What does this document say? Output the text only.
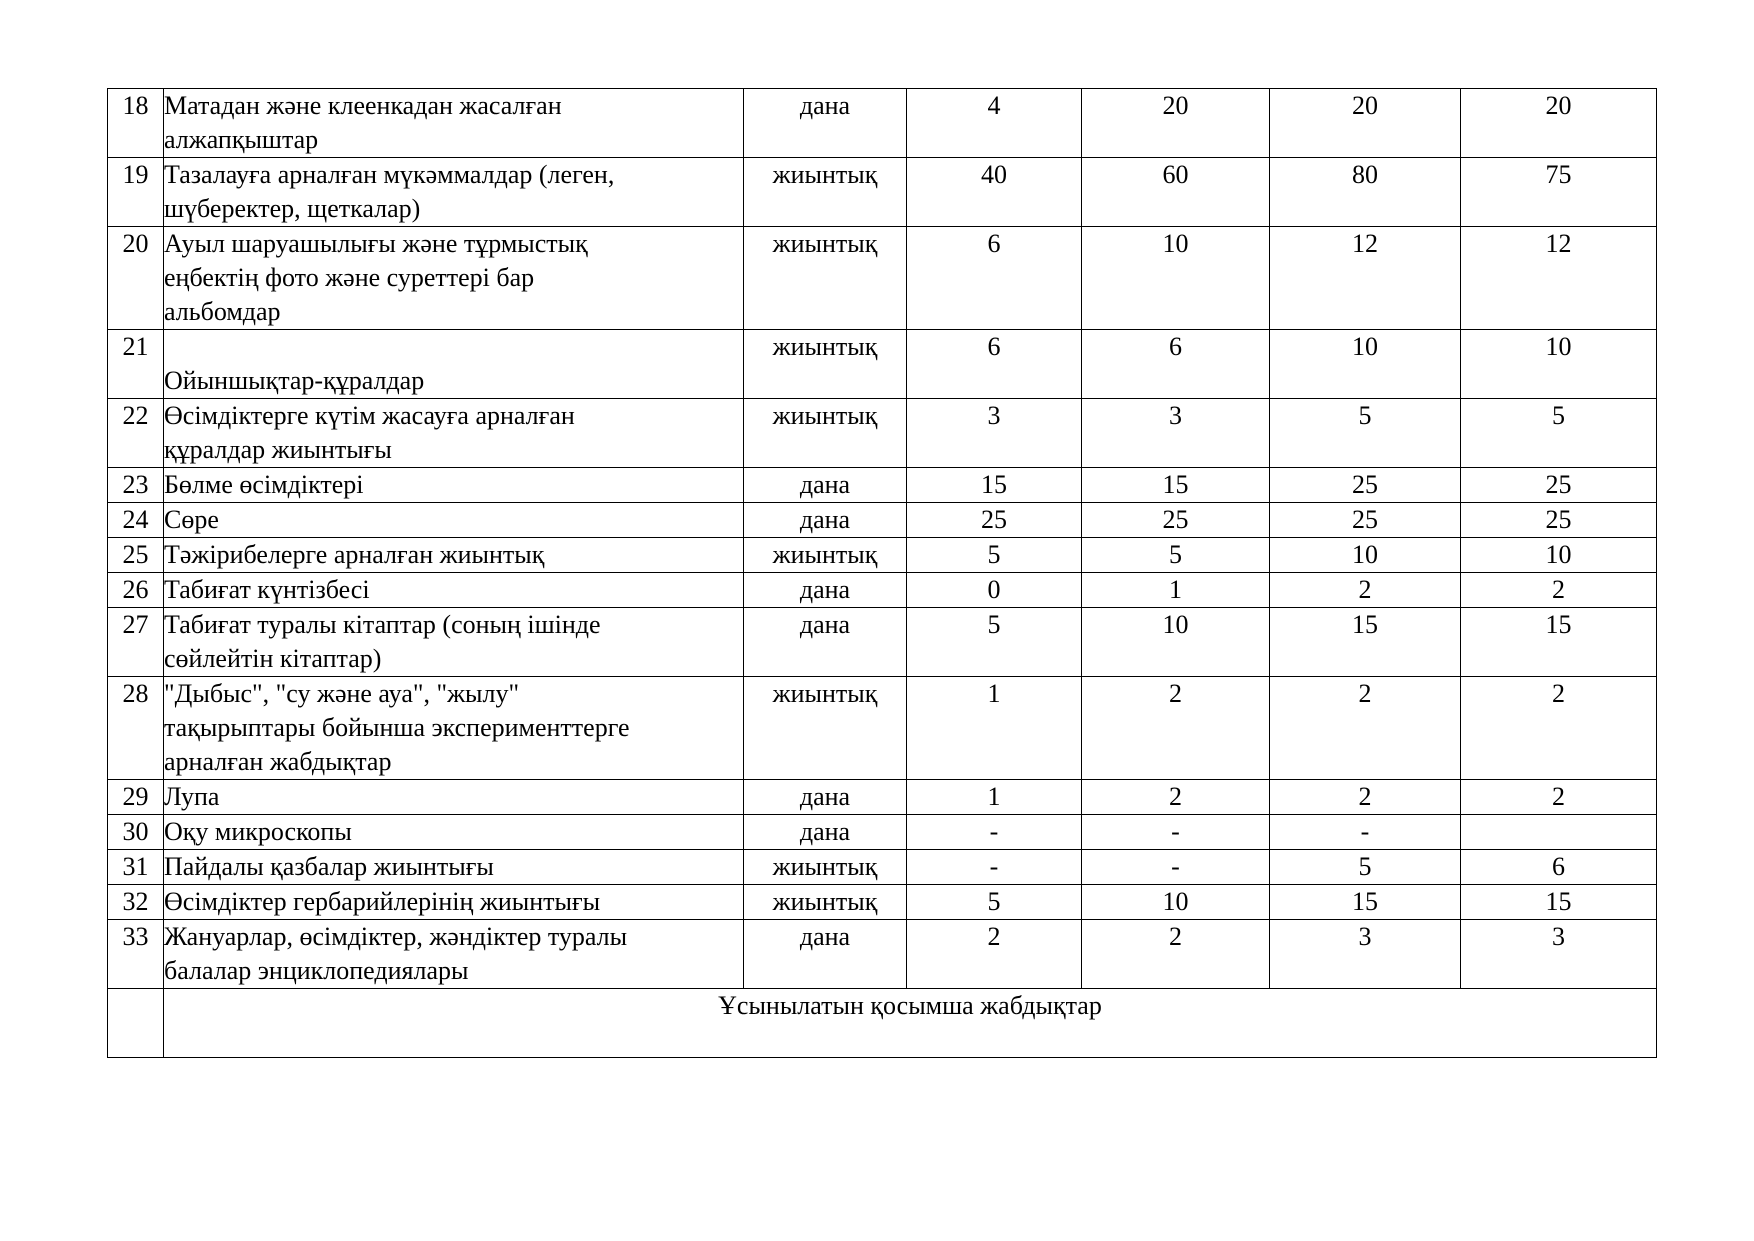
18	Матадан және клеенкадан жасалған
алжапқыштар	дана	4	20	20	20
19	Тазалауға арналған мүкәммалдар (леген,
шүберектер, щеткалар)	жиынтық	40	60	80	75
20	Ауыл шаруашылығы және тұрмыстық
еңбектің фото және суреттері бар
альбомдар	жиынтық	6	10	12	12
21	Ойыншықтар-құралдар	жиынтық	6	6	10	10
22	Өсімдіктерге күтім жасауға арналған
құралдар жиынтығы	жиынтық	3	3	5	5
23	Бөлме өсімдіктері	дана	15	15	25	25
24	Сөре	дана	25	25	25	25
25	Тәжірибелерге арналған жиынтық	жиынтық	5	5	10	10
26	Табиғат күнтізбесі	дана	0	1	2	2
27	Табиғат туралы кітаптар (соның ішінде
сөйлейтін кітаптар)	дана	5	10	15	15
28	"Дыбыс", "су және ауа", "жылу"
тақырыптары бойынша эксперименттерге
арналған жабдықтар	жиынтық	1	2	2	2
29	Лупа	дана	1	2	2	2
30	Оқу микроскопы	дана	-	-	-	
31	Пайдалы қазбалар жиынтығы	жиынтық	-	-	5	6
32	Өсімдіктер гербарийлерінің жиынтығы	жиынтық	5	10	15	15
33	Жануарлар, өсімдіктер, жәндіктер туралы
балалар энциклопедиялары	дана	2	2	3	3
	Ұсынылатын қосымша жабдықтар					
